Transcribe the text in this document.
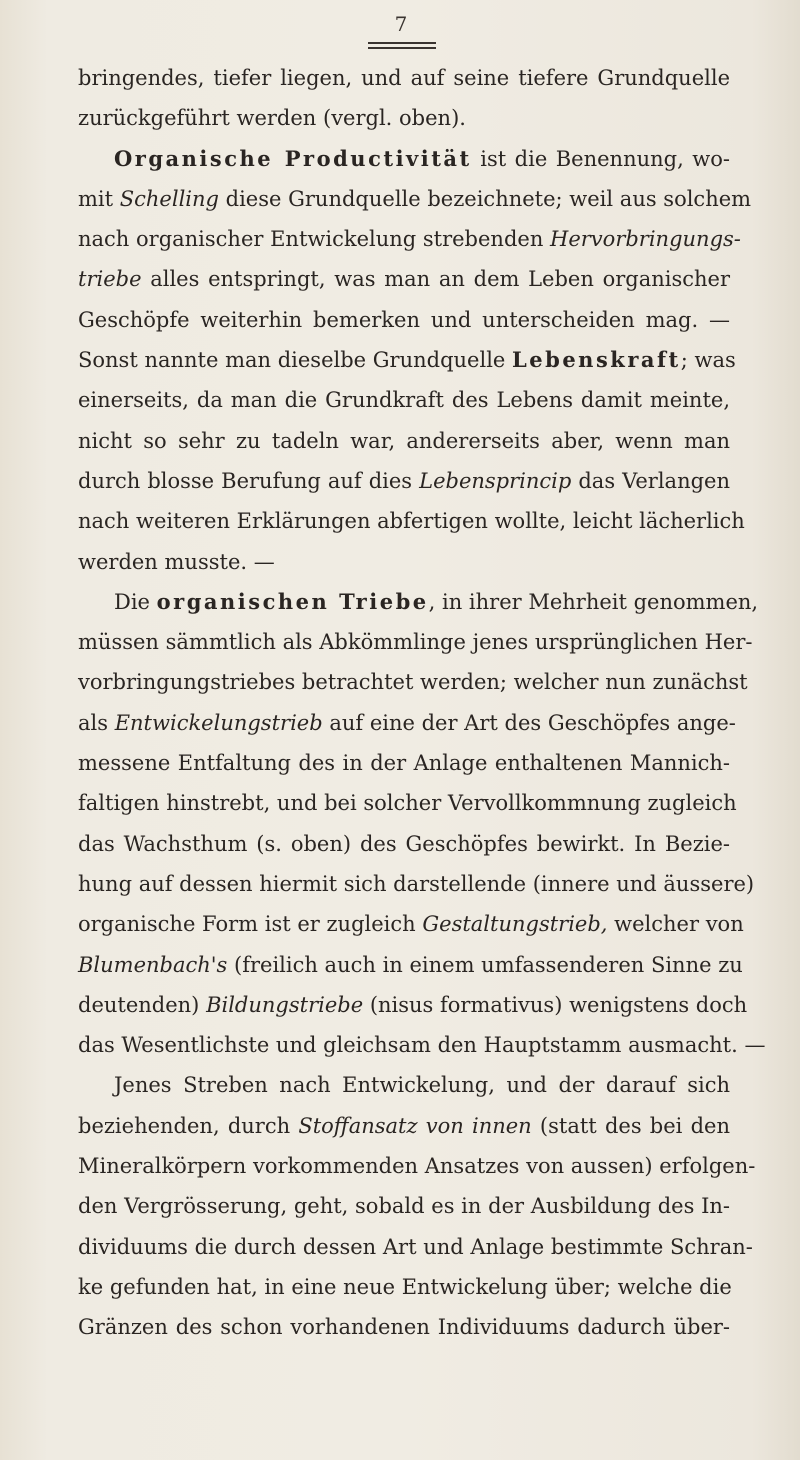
7
bringendes, tiefer liegen, und auf seine tiefere Grundquelle
zurückgeführt werden (vergl. oben).
Organische Productivität ist die Benennung, wo-
mit Schelling diese Grundquelle bezeichnete; weil aus solchem
nach organischer Entwickelung strebenden Hervorbringungs-
triebe alles entspringt, was man an dem Leben organischer
Geschöpfe weiterhin bemerken und unterscheiden mag. —
Sonst nannte man dieselbe Grundquelle Lebenskraft; was
einerseits, da man die Grundkraft des Lebens damit meinte,
nicht so sehr zu tadeln war, andererseits aber, wenn man
durch blosse Berufung auf dies Lebensprincip das Verlangen
nach weiteren Erklärungen abfertigen wollte, leicht lächerlich
werden musste. —
Die organischen Triebe, in ihrer Mehrheit genommen,
müssen sämmtlich als Abkömmlinge jenes ursprünglichen Her-
vorbringungstriebes betrachtet werden; welcher nun zunächst
als Entwickelungstrieb auf eine der Art des Geschöpfes ange-
messene Entfaltung des in der Anlage enthaltenen Mannich-
faltigen hinstrebt, und bei solcher Vervollkommnung zugleich
das Wachsthum (s. oben) des Geschöpfes bewirkt. In Bezie-
hung auf dessen hiermit sich darstellende (innere und äussere)
organische Form ist er zugleich Gestaltungstrieb, welcher von
Blumenbach's (freilich auch in einem umfassenderen Sinne zu
deutenden) Bildungstriebe (nisus formativus) wenigstens doch
das Wesentlichste und gleichsam den Hauptstamm ausmacht. —
Jenes Streben nach Entwickelung, und der darauf sich
beziehenden, durch Stoffansatz von innen (statt des bei den
Mineralkörpern vorkommenden Ansatzes von aussen) erfolgen-
den Vergrösserung, geht, sobald es in der Ausbildung des In-
dividuums die durch dessen Art und Anlage bestimmte Schran-
ke gefunden hat, in eine neue Entwickelung über; welche die
Gränzen des schon vorhandenen Individuums dadurch über-
